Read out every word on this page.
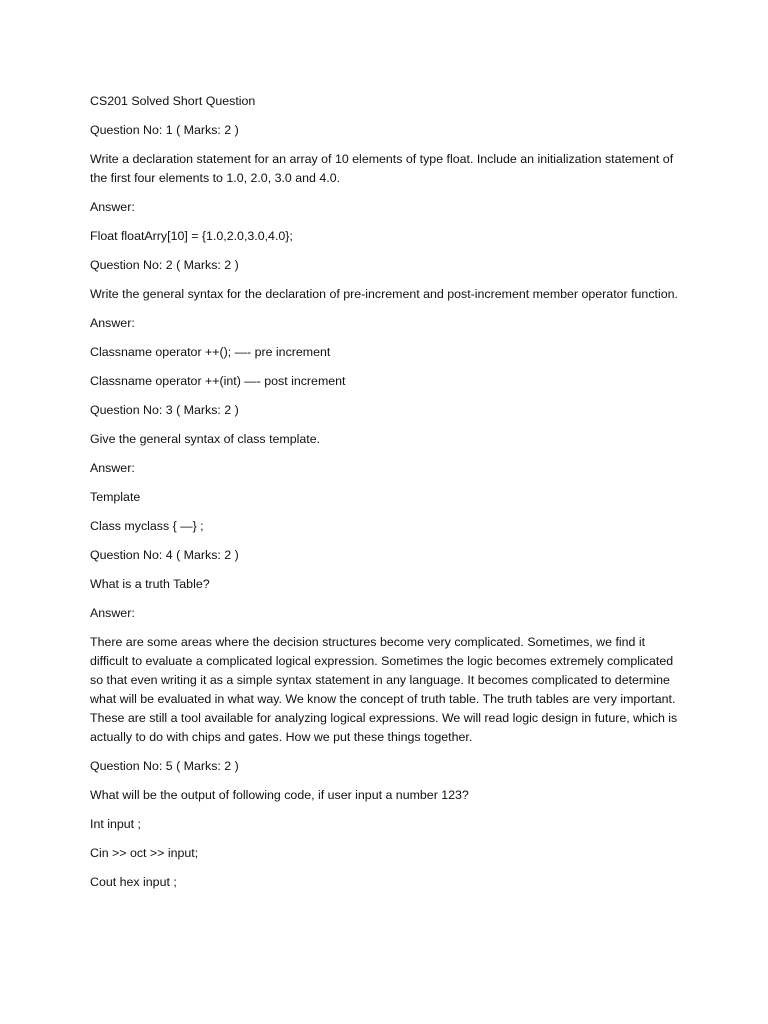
CS201 Solved Short Question

Question No: 1 ( Marks: 2 )

Write a declaration statement for an array of 10 elements of type float. Include an initialization statement of the first four elements to 1.0, 2.0, 3.0 and 4.0.

Answer:

Float floatArry[10] = {1.0,2.0,3.0,4.0};

Question No: 2 ( Marks: 2 )

Write the general syntax for the declaration of pre-increment and post-increment member operator function.

Answer:

Classname operator ++(); —- pre increment

Classname operator ++(int) —- post increment

Question No: 3 ( Marks: 2 )

Give the general syntax of class template.

Answer:

Template

Class myclass { —} ;

Question No: 4 ( Marks: 2 )

What is a truth Table?

Answer:

There are some areas where the decision structures become very complicated. Sometimes, we find it difficult to evaluate a complicated logical expression. Sometimes the logic becomes extremely complicated so that even writing it as a simple syntax statement in any language. It becomes complicated to determine what will be evaluated in what way. We know the concept of truth table. The truth tables are very important. These are still a tool available for analyzing logical expressions. We will read logic design in future, which is actually to do with chips and gates. How we put these things together.

Question No: 5 ( Marks: 2 )

What will be the output of following code, if user input a number 123?

Int input ;

Cin >> oct >> input;

Cout hex input ;
